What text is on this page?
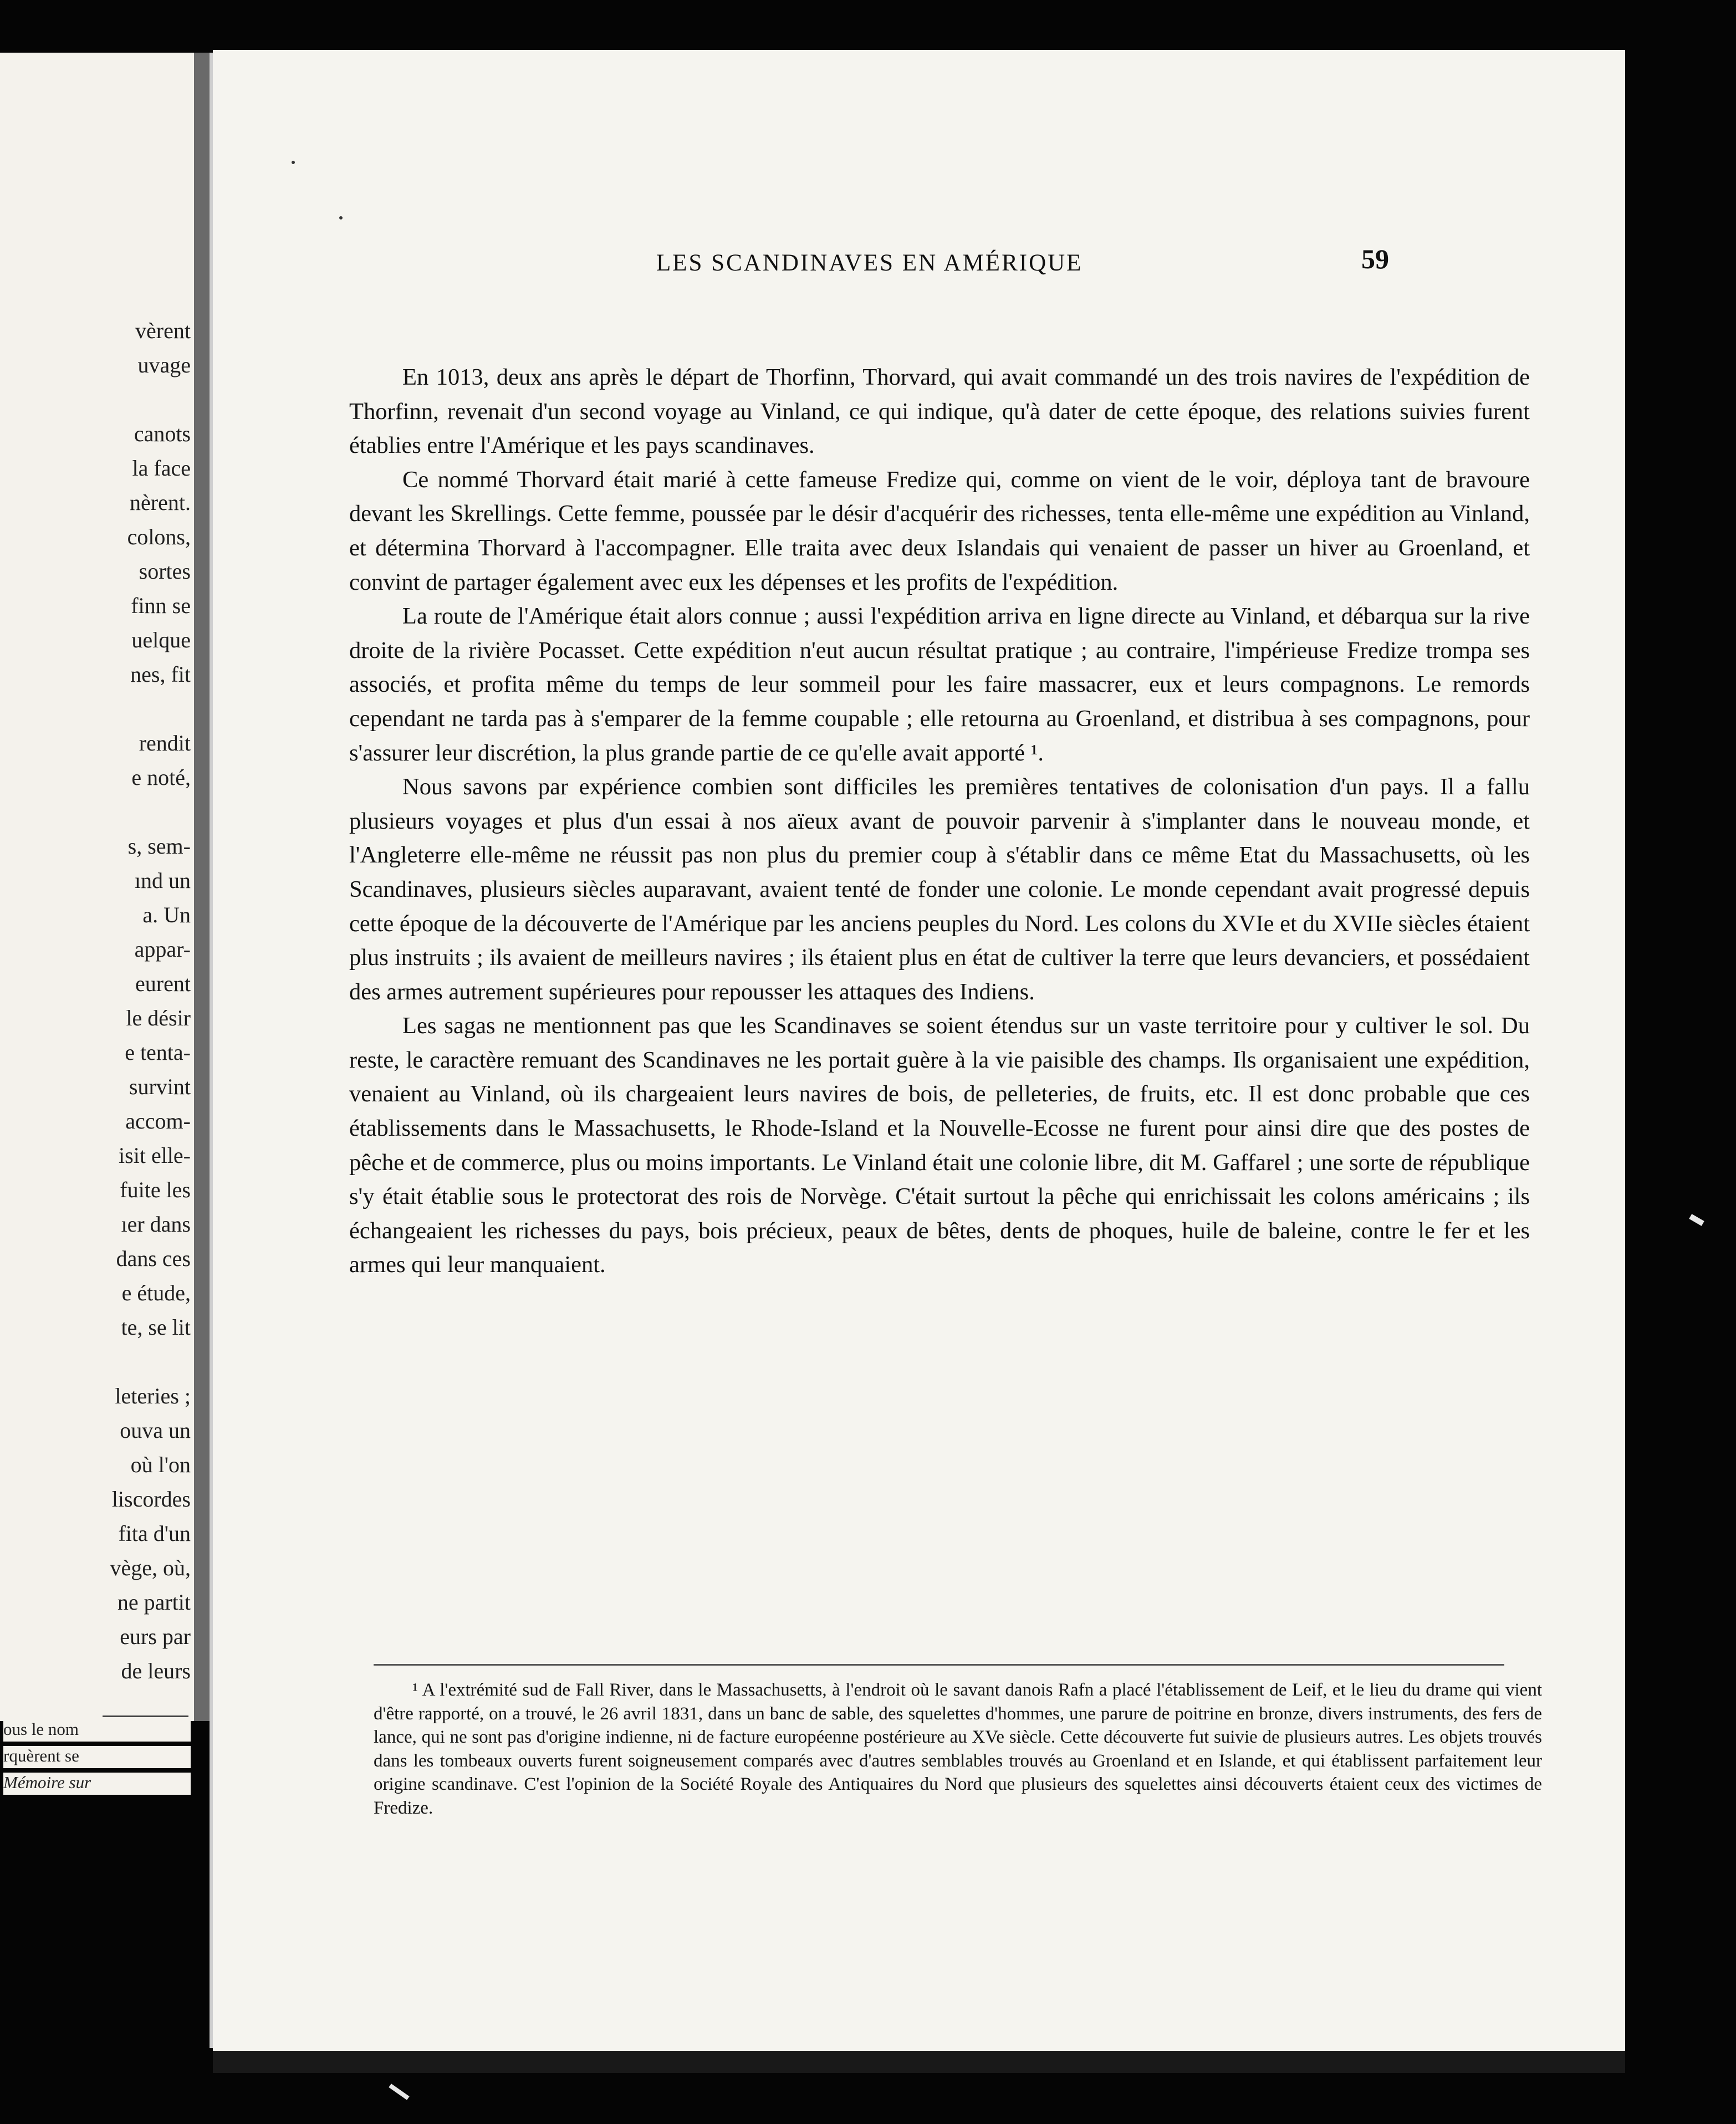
vèrent
uvage
canots
la face
nèrent.
colons,
sortes
finn se
uelque
nes, fit
rendit
e noté,
s, sem-
ınd un
a. Un
appar-
eurent
le désir
e tenta-
survint
accom-
isit elle-
fuite les
ıer dans
dans ces
e étude,
te, se lit
leteries ;
ouva un
où l'on
liscordes
fita d'un
vège, où,
ne partit
eurs par
de leurs
ous le nom
rquèrent se
Mémoire sur
LES SCANDINAVES EN AMÉRIQUE	59

En 1013, deux ans après le départ de Thorfinn, Thorvard, qui avait commandé un des trois navires de l'expédition de Thorfinn, revenait d'un second voyage au Vinland, ce qui indique, qu'à dater de cette époque, des relations suivies furent établies entre l'Amérique et les pays scandinaves.

Ce nommé Thorvard était marié à cette fameuse Fredize qui, comme on vient de le voir, déploya tant de bravoure devant les Skrellings. Cette femme, poussée par le désir d'acquérir des richesses, tenta elle-même une expédition au Vinland, et détermina Thorvard à l'accompagner. Elle traita avec deux Islandais qui venaient de passer un hiver au Groenland, et convint de partager également avec eux les dépenses et les profits de l'expédition.

La route de l'Amérique était alors connue ; aussi l'expédition arriva en ligne directe au Vinland, et débarqua sur la rive droite de la rivière Pocasset. Cette expédition n'eut aucun résultat pratique ; au contraire, l'impérieuse Fredize trompa ses associés, et profita même du temps de leur sommeil pour les faire massacrer, eux et leurs compagnons. Le remords cependant ne tarda pas à s'emparer de la femme coupable ; elle retourna au Groenland, et distribua à ses compagnons, pour s'assurer leur discrétion, la plus grande partie de ce qu'elle avait apporté ¹.

Nous savons par expérience combien sont difficiles les premières tentatives de colonisation d'un pays. Il a fallu plusieurs voyages et plus d'un essai à nos aïeux avant de pouvoir parvenir à s'implanter dans le nouveau monde, et l'Angleterre elle-même ne réussit pas non plus du premier coup à s'établir dans ce même Etat du Massachusetts, où les Scandinaves, plusieurs siècles auparavant, avaient tenté de fonder une colonie. Le monde cependant avait progressé depuis cette époque de la découverte de l'Amérique par les anciens peuples du Nord. Les colons du XVIe et du XVIIe siècles étaient plus instruits ; ils avaient de meilleurs navires ; ils étaient plus en état de cultiver la terre que leurs devanciers, et possédaient des armes autrement supérieures pour repousser les attaques des Indiens.

Les sagas ne mentionnent pas que les Scandinaves se soient étendus sur un vaste territoire pour y cultiver le sol. Du reste, le caractère remuant des Scandinaves ne les portait guère à la vie paisible des champs. Ils organisaient une expédition, venaient au Vinland, où ils chargeaient leurs navires de bois, de pelleteries, de fruits, etc. Il est donc probable que ces établissements dans le Massachusetts, le Rhode-Island et la Nouvelle-Ecosse ne furent pour ainsi dire que des postes de pêche et de commerce, plus ou moins importants. Le Vinland était une colonie libre, dit M. Gaffarel ; une sorte de république s'y était établie sous le protectorat des rois de Norvège. C'était surtout la pêche qui enrichissait les colons américains ; ils échangeaient les richesses du pays, bois précieux, peaux de bêtes, dents de phoques, huile de baleine, contre le fer et les armes qui leur manquaient.

¹ A l'extrémité sud de Fall River, dans le Massachusetts, à l'endroit où le savant danois Rafn a placé l'établissement de Leif, et le lieu du drame qui vient d'être rapporté, on a trouvé, le 26 avril 1831, dans un banc de sable, des squelettes d'hommes, une parure de poitrine en bronze, divers instruments, des fers de lance, qui ne sont pas d'origine indienne, ni de facture européenne postérieure au XVe siècle. Cette découverte fut suivie de plusieurs autres. Les objets trouvés dans les tombeaux ouverts furent soigneusement comparés avec d'autres semblables trouvés au Groenland et en Islande, et qui établissent parfaitement leur origine scandinave. C'est l'opinion de la Société Royale des Antiquaires du Nord que plusieurs des squelettes ainsi découverts étaient ceux des victimes de Fredize.
